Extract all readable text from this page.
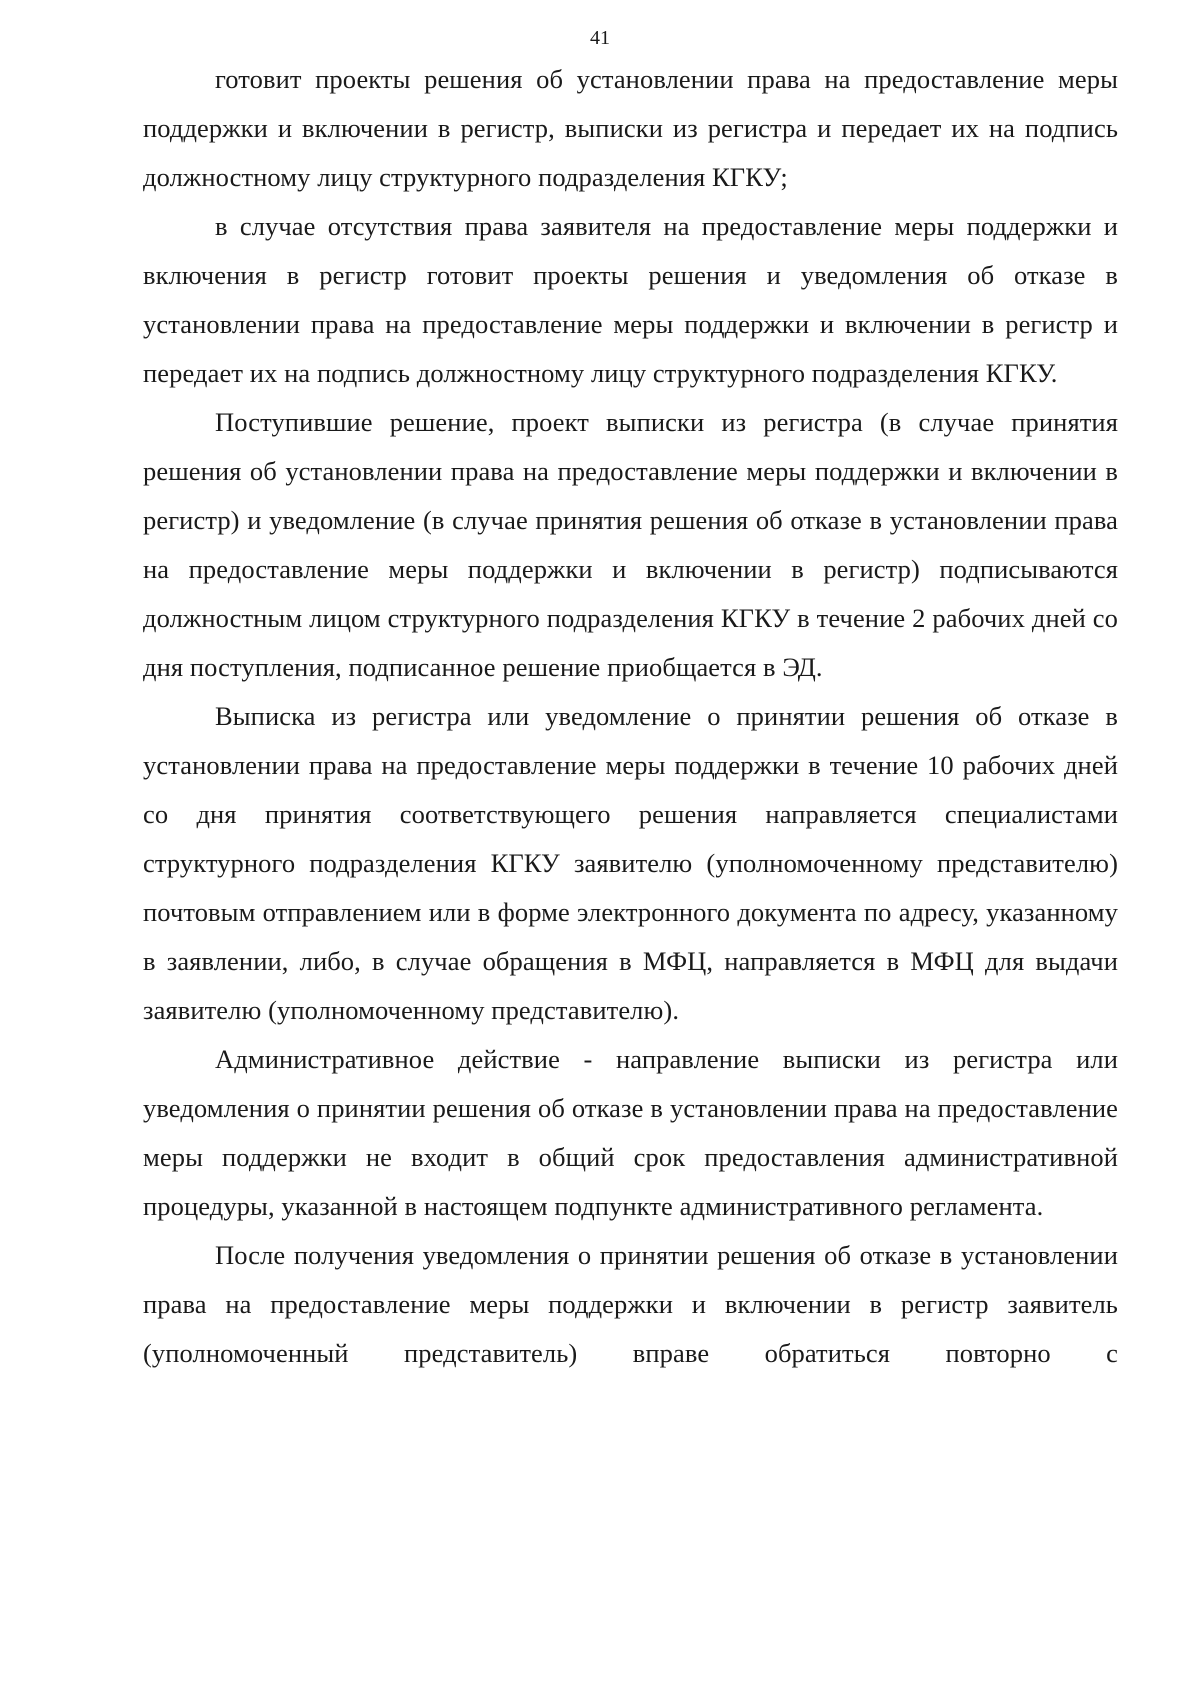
41

готовит проекты решения об установлении права на предоставление меры поддержки и включении в регистр, выписки из регистра и передает их на подпись должностному лицу структурного подразделения КГКУ;

в случае отсутствия права заявителя на предоставление меры поддержки и включения в регистр готовит проекты решения и уведомления об отказе в установлении права на предоставление меры поддержки и включении в регистр и передает их на подпись должностному лицу структурного подразделения КГКУ.

Поступившие решение, проект выписки из регистра (в случае принятия решения об установлении права на предоставление меры поддержки и включении в регистр) и уведомление (в случае принятия решения об отказе в установлении права на предоставление меры поддержки и включении в регистр) подписываются должностным лицом структурного подразделения КГКУ в течение 2 рабочих дней со дня поступления, подписанное решение приобщается в ЭД.

Выписка из регистра или уведомление о принятии решения об отказе в установлении права на предоставление меры поддержки в течение 10 рабочих дней со дня принятия соответствующего решения направляется специалистами структурного подразделения КГКУ заявителю (уполномоченному представителю) почтовым отправлением или в форме электронного документа по адресу, указанному в заявлении, либо, в случае обращения в МФЦ, направляется в МФЦ для выдачи заявителю (уполномоченному представителю).

Административное действие - направление выписки из регистра или уведомления о принятии решения об отказе в установлении права на предоставление меры поддержки не входит в общий срок предоставления административной процедуры, указанной в настоящем подпункте административного регламента.

После получения уведомления о принятии решения об отказе в установлении права на предоставление меры поддержки и включении в регистр заявитель (уполномоченный представитель) вправе обратиться повторно с
